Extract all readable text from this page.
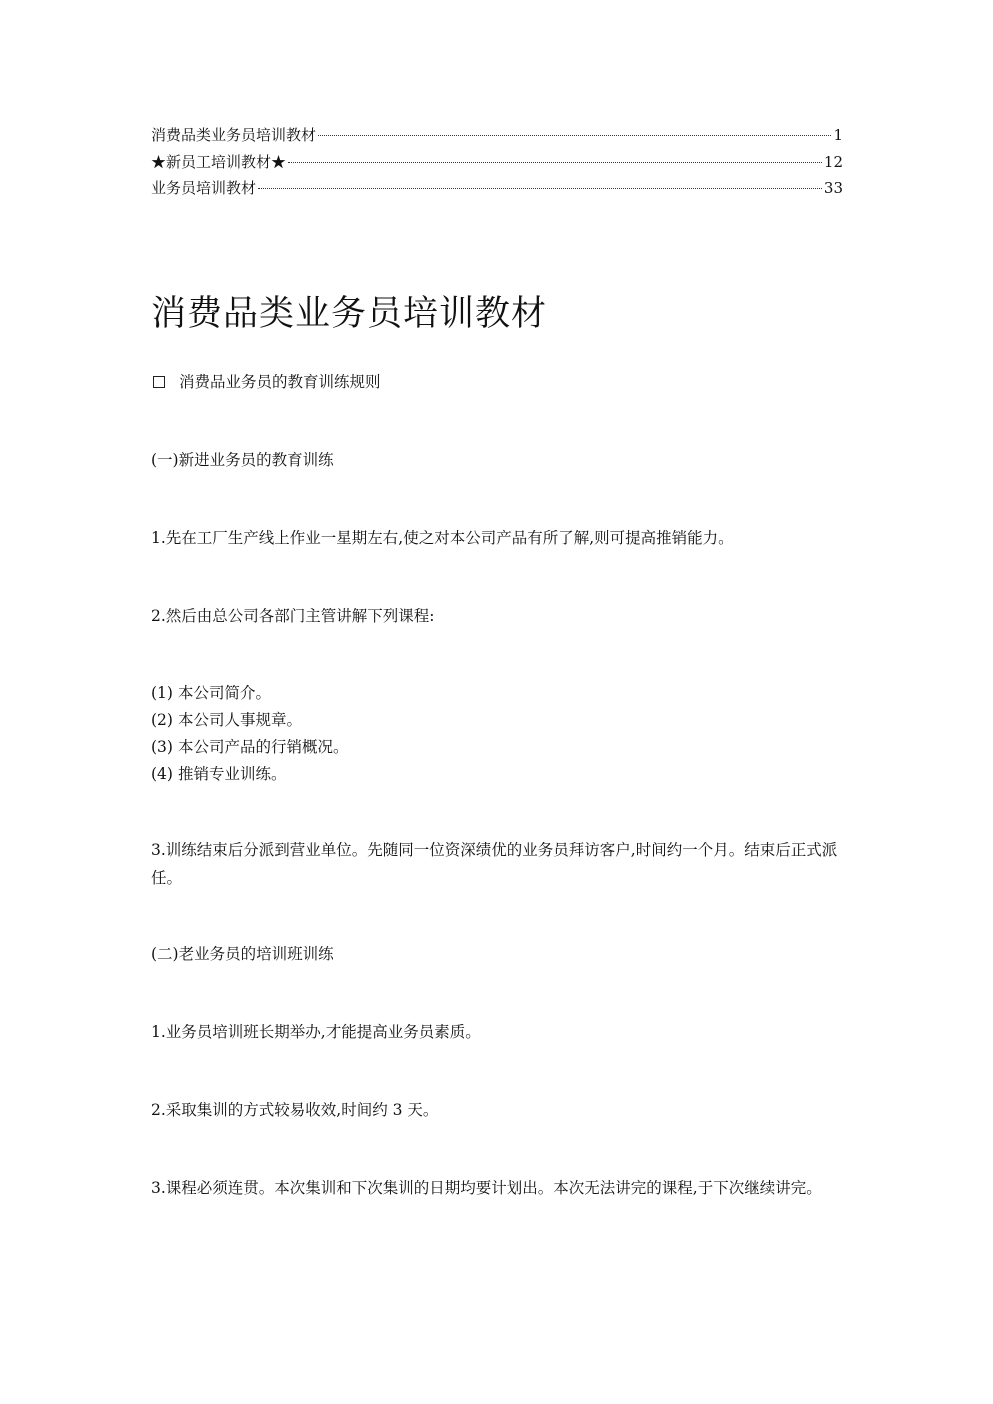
消费品类业务员培训教材	1
★新员工培训教材★	12
业务员培训教材	33
消费品类业务员培训教材
消费品业务员的教育训练规则

(一)新进业务员的教育训练

1.先在工厂生产线上作业一星期左右,使之对本公司产品有所了解,则可提高推销能力。

2.然后由总公司各部门主管讲解下列课程:

(1) 本公司简介。
(2) 本公司人事规章。
(3) 本公司产品的行销概况。
(4) 推销专业训练。

3.训练结束后分派到营业单位。先随同一位资深绩优的业务员拜访客户,时间约一个月。结束后正式派任。

(二)老业务员的培训班训练

1.业务员培训班长期举办,才能提高业务员素质。

2.采取集训的方式较易收效,时间约 3 天。

3.课程必须连贯。本次集训和下次集训的日期均要计划出。本次无法讲完的课程,于下次继续讲完。
